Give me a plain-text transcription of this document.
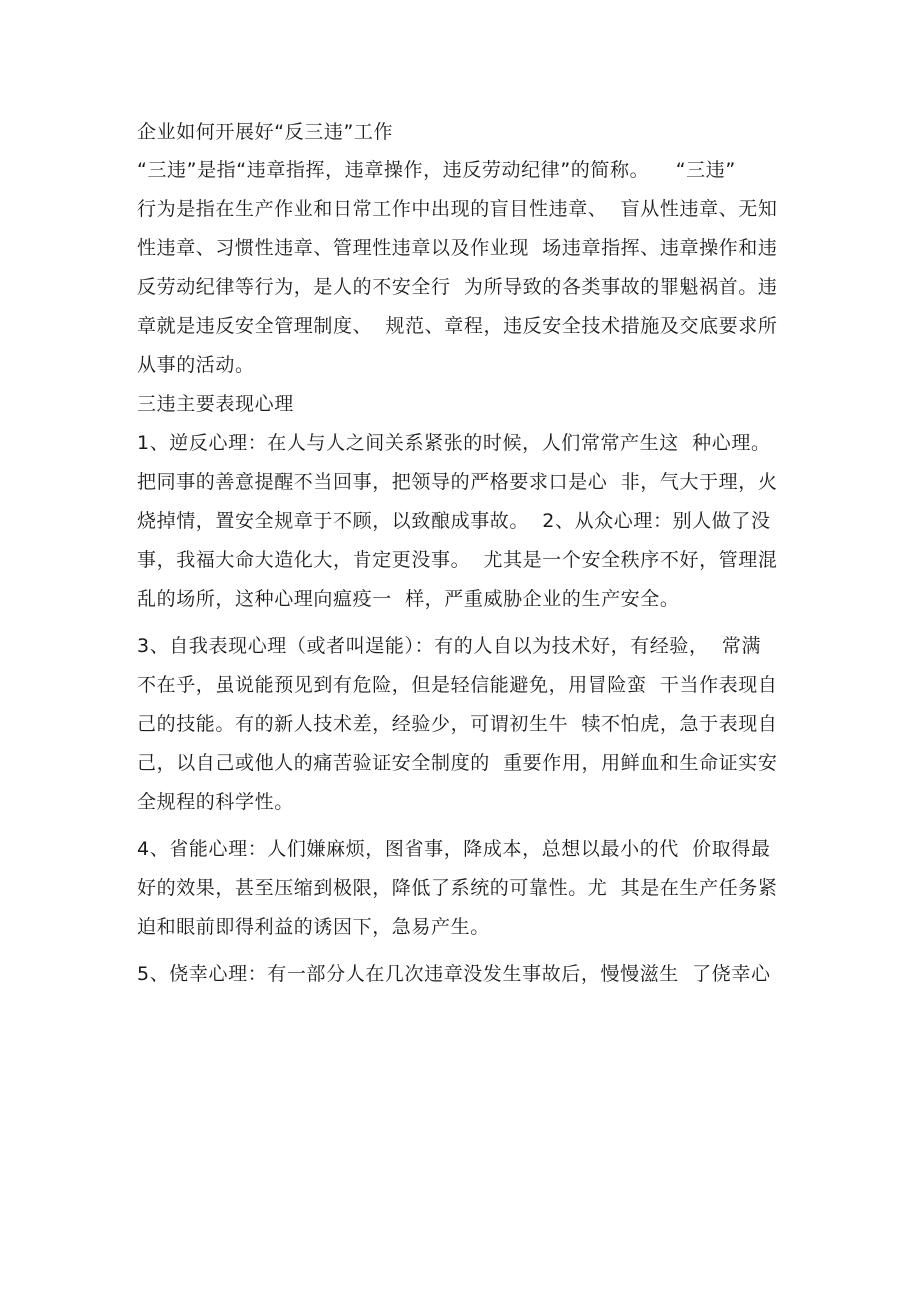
企业如何开展好“反三违”工作
“三违”是指“违章指挥，违章操作，违反劳动纪律”的简称。    “三违”
行为是指在生产作业和日常工作中出现的盲目性违章、  盲从性违章、无知
性违章、习惯性违章、管理性违章以及作业现  场违章指挥、违章操作和违
反劳动纪律等行为，是人的不安全行  为所导致的各类事故的罪魁祸首。违
章就是违反安全管理制度、  规范、章程，违反安全技术措施及交底要求所
从事的活动。
三违主要表现心理
1、逆反心理：在人与人之间关系紧张的时候，人们常常产生这  种心理。
把同事的善意提醒不当回事，把领导的严格要求口是心  非，气大于理，火
烧掉情，置安全规章于不顾，以致酿成事故。  2、从众心理：别人做了没
事，我福大命大造化大，肯定更没事。  尤其是一个安全秩序不好，管理混
乱的场所，这种心理向瘟疫一  样，严重威胁企业的生产安全。
3、自我表现心理（或者叫逞能）：有的人自以为技术好，有经验，  常满
不在乎，虽说能预见到有危险，但是轻信能避免，用冒险蛮  干当作表现自
己的技能。有的新人技术差，经验少，可谓初生牛  犊不怕虎，急于表现自
己，以自己或他人的痛苦验证安全制度的  重要作用，用鲜血和生命证实安
全规程的科学性。
4、省能心理：人们嫌麻烦，图省事，降成本，总想以最小的代  价取得最
好的效果，甚至压缩到极限，降低了系统的可靠性。尤  其是在生产任务紧
迫和眼前即得利益的诱因下，急易产生。
5、侥幸心理：有一部分人在几次违章没发生事故后，慢慢滋生  了侥幸心
